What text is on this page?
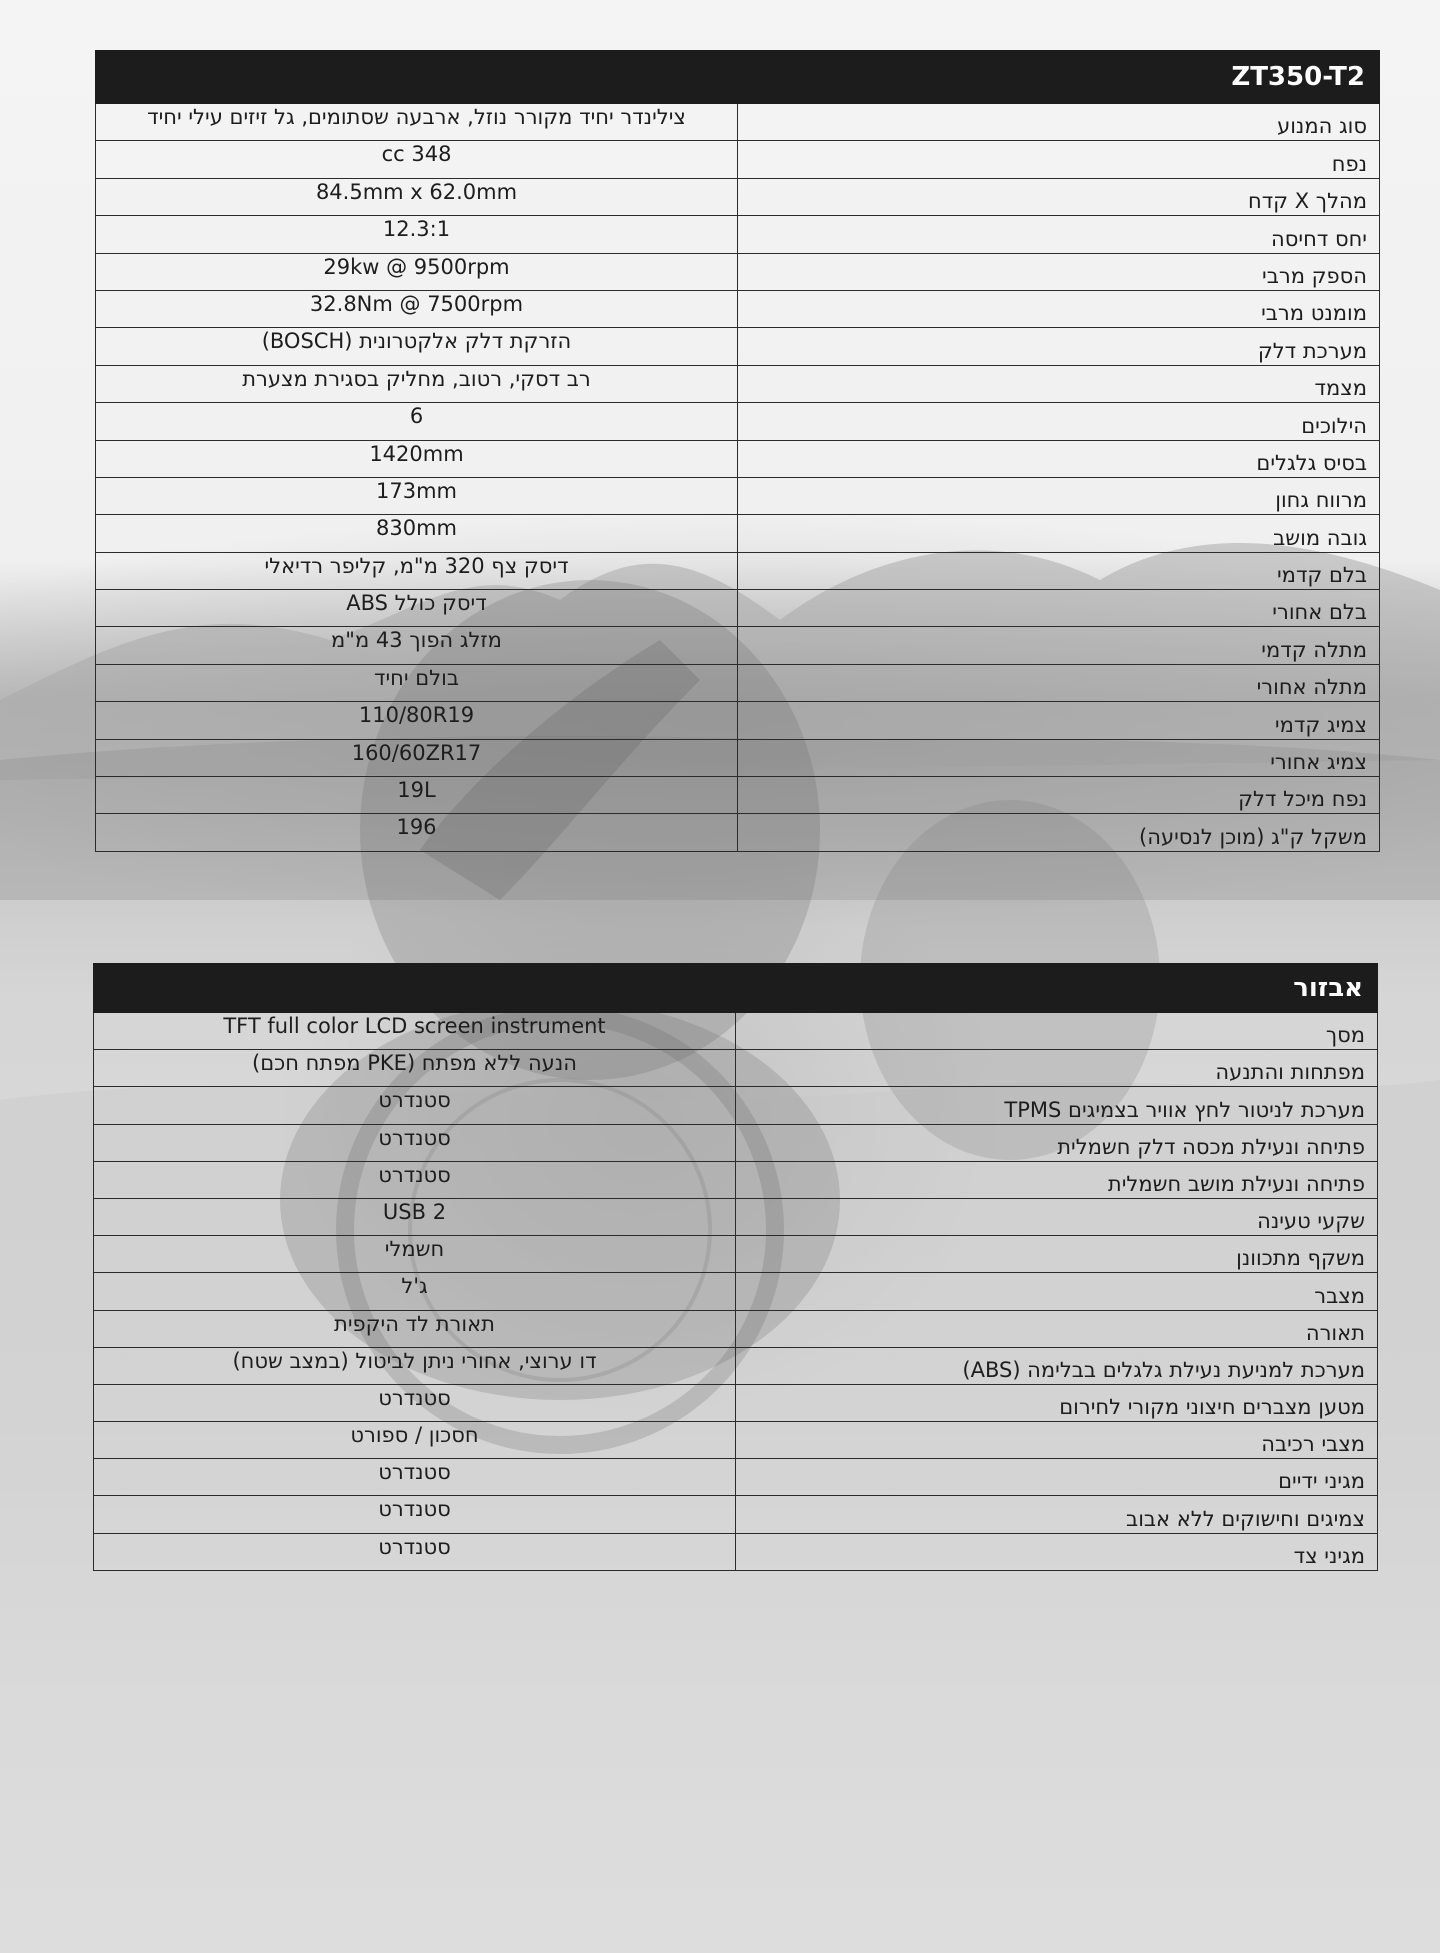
ZT350-T2	
סוג המנוע	צילינדר יחיד מקורר נוזל, ארבעה שסתומים, גל זיזים עילי יחיד
נפח	348 cc
מהלך X קדח	84.5mm x 62.0mm
יחס דחיסה	12.3:1
הספק מרבי	29kw @ 9500rpm
מומנט מרבי	32.8Nm @ 7500rpm
מערכת דלק	הזרקת דלק אלקטרונית (BOSCH)
מצמד	רב דסקי, רטוב, מחליק בסגירת מצערת
הילוכים	6
בסיס גלגלים	1420mm
מרווח גחון	173mm
גובה מושב	830mm
בלם קדמי	דיסק צף 320 מ"מ, קליפר רדיאלי
בלם אחורי	דיסק כולל ABS
מתלה קדמי	מזלג הפוך 43 מ"מ
מתלה אחורי	בולם יחיד
צמיג קדמי	110/80R19
צמיג אחורי	160/60ZR17
נפח מיכל דלק	19L
משקל ק"ג (מוכן לנסיעה)	196
אבזור	
מסך	TFT full color LCD screen instrument
מפתחות והתנעה	הנעה ללא מפתח (PKE מפתח חכם)
מערכת לניטור לחץ אוויר בצמיגים TPMS	סטנדרט
פתיחה ונעילת מכסה דלק חשמלית	סטנדרט
פתיחה ונעילת מושב חשמלית	סטנדרט
שקעי טעינה	USB 2
משקף מתכוונן	חשמלי
מצבר	ג'ל
תאורה	תאורת לד היקפית
מערכת למניעת נעילת גלגלים בבלימה (ABS)	דו ערוצי, אחורי ניתן לביטול (במצב שטח)
מטען מצברים חיצוני מקורי לחירום	סטנדרט
מצבי רכיבה	חסכון / ספורט
מגיני ידיים	סטנדרט
צמיגים וחישוקים ללא אבוב	סטנדרט
מגיני צד	סטנדרט
